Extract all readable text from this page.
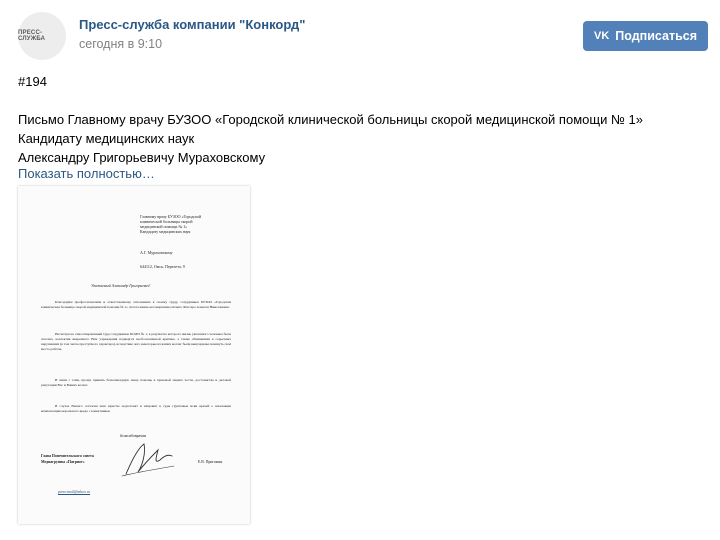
ПРЕСС-СЛУЖБА
Пресс-служба компании "Конкорд"
сегодня в 9:10
VK Подписаться
#194
Письмо Главному врачу БУЗОО «Городской клинической больницы скорой медицинской помощи № 1»
Кандидату медицинских наук
Александру Григорьевичу Мураховскому
Показать полностью…
Главному врачу БУЗОО «Городской
клинической больницы скорой
медицинской помощи № 1»
Кандидату медицинских наук
А.Г. Мураховскому
644112, Омск, Перелета, 9
Уважаемый Александр Григорьевич!
Благодарим профессионализм и ответственному отношению к своему труду, сотрудников БУЗОО «Городская клиническая больница скорой медицинской помощи № 1» спасла жизнь несовершеннолетнего Флотера Алексея Николаевича.
Несмотря на самоотверженный труд сотрудников БСМП № 1, в результате которого жизнь указанного человека была спасена, коллектив вверенного Вам учреждения подвергся необоснованной критике, а также обвинениям в серьезных нарушениях (в том числе преступного характера), вследствие чего некоторые из ваших коллег были вынуждены покинуть своё место работы.
В связи с этим, прошу принять безвозмездную нашу помощь в правовой защите чести, достоинства и деловой репутации Вас и Ваших коллег.
В случае Вашего согласия наш юристы подготовят и направят в суды групповые иски врачей о взыскании компенсации морального вреда с клеветников.
#спасибоврачам
Глава Попечительского совета
Медиагруппы «Патриот»	Е.В. Пригожин
press-mail@inbox.ru
